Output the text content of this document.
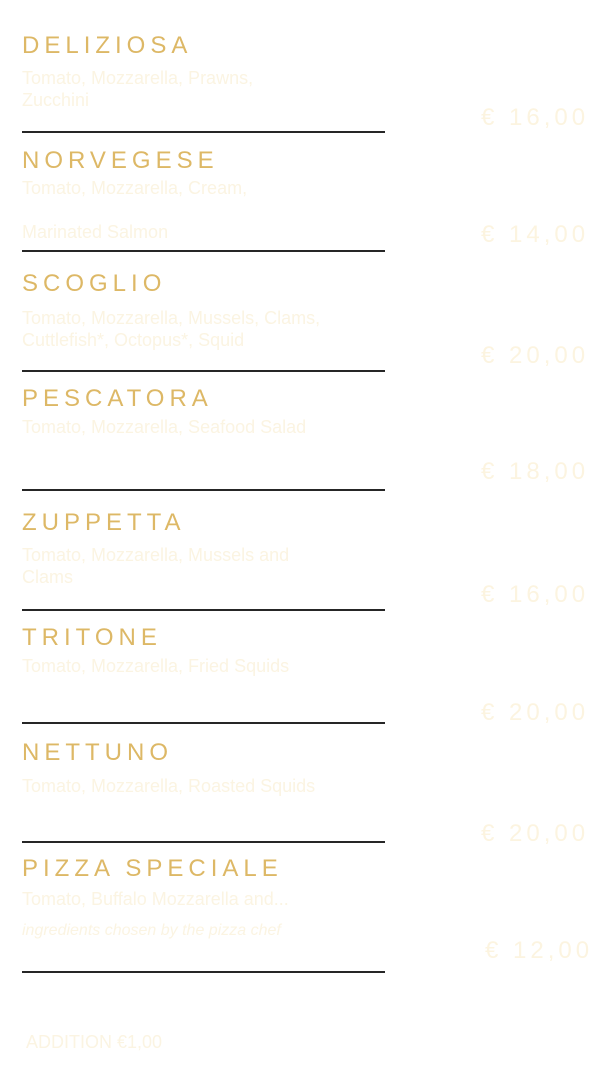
DELIZIOSA
Tomato, Mozzarella, Prawns,
Zucchini
€ 16,00
NORVEGESE
Tomato, Mozzarella, Cream,

Marinated Salmon	€ 14,00
SCOGLIO
Tomato, Mozzarella, Mussels, Clams,
Cuttlefish*, Octopus*, Squid
€ 20,00
PESCATORA
Tomato, Mozzarella, Seafood Salad
€ 18,00
ZUPPETTA
Tomato, Mozzarella, Mussels and
Clams
€ 16,00
TRITONE
Tomato, Mozzarella, Fried Squids
€ 20,00
NETTUNO
Tomato, Mozzarella, Roasted Squids
€ 20,00
PIZZA SPECIALE
Tomato, Buffalo Mozzarella and...
ingredients chosen by the pizza chef
€ 12,00
ADDITION €1,00
